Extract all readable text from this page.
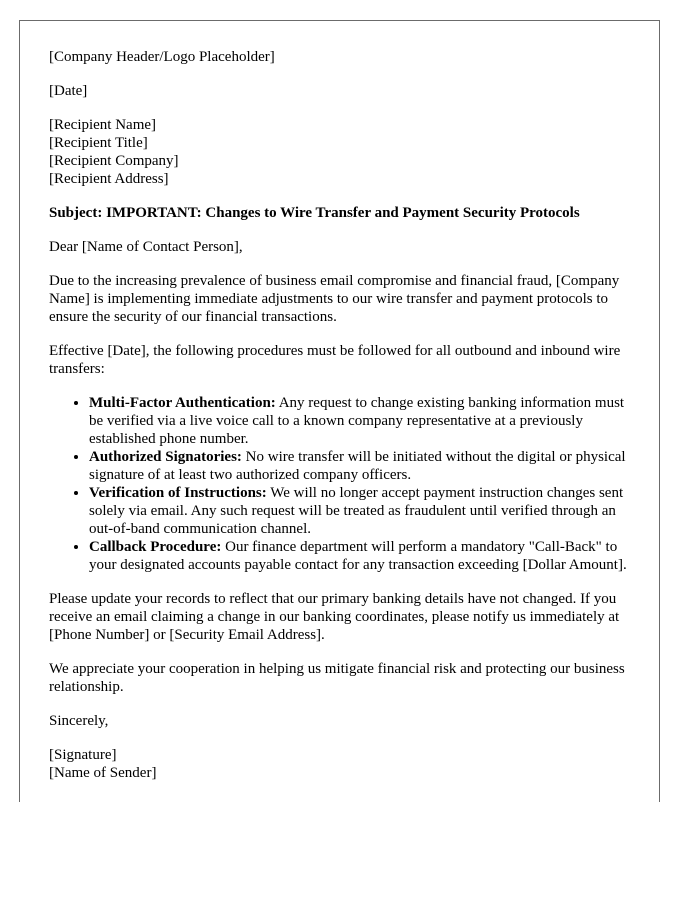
[Company Header/Logo Placeholder]

[Date]

[Recipient Name]
[Recipient Title]
[Recipient Company]
[Recipient Address]

Subject: IMPORTANT: Changes to Wire Transfer and Payment Security Protocols

Dear [Name of Contact Person],

Due to the increasing prevalence of business email compromise and financial fraud, [Company Name] is implementing immediate adjustments to our wire transfer and payment protocols to ensure the security of our financial transactions.

Effective [Date], the following procedures must be followed for all outbound and inbound wire transfers:

• Multi-Factor Authentication: Any request to change existing banking information must be verified via a live voice call to a known company representative at a previously established phone number.
• Authorized Signatories: No wire transfer will be initiated without the digital or physical signature of at least two authorized company officers.
• Verification of Instructions: We will no longer accept payment instruction changes sent solely via email. Any such request will be treated as fraudulent until verified through an out-of-band communication channel.
• Callback Procedure: Our finance department will perform a mandatory "Call-Back" to your designated accounts payable contact for any transaction exceeding [Dollar Amount].

Please update your records to reflect that our primary banking details have not changed. If you receive an email claiming a change in our banking coordinates, please notify us immediately at [Phone Number] or [Security Email Address].

We appreciate your cooperation in helping us mitigate financial risk and protecting our business relationship.

Sincerely,

[Signature]
[Name of Sender]
